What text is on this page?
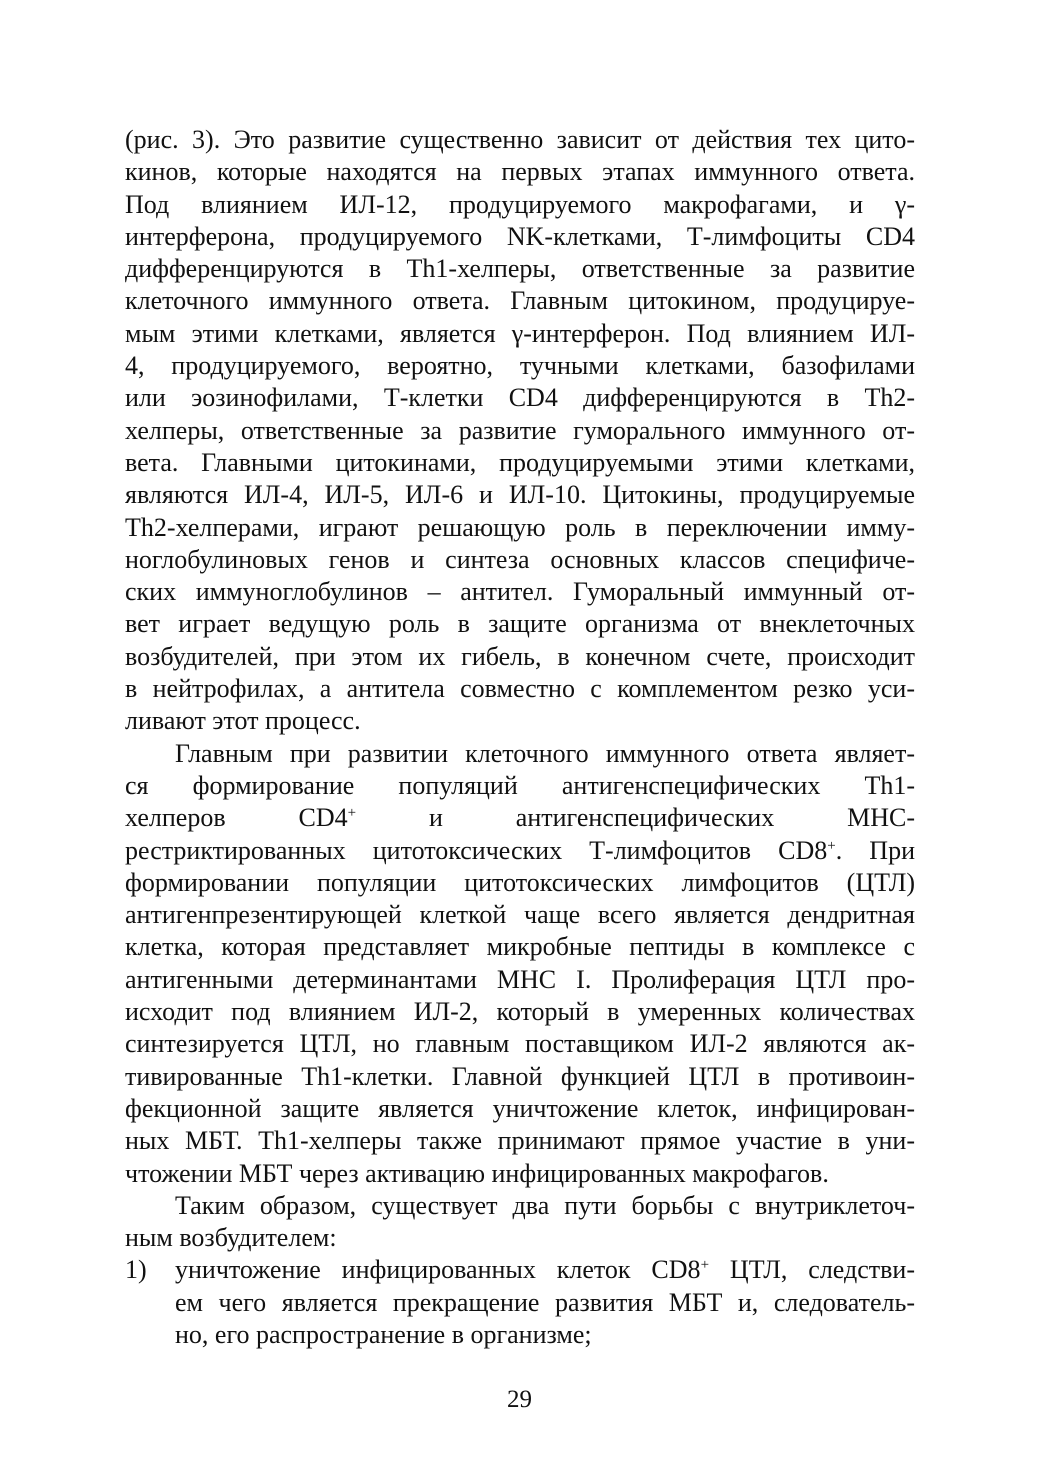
(рис. 3). Это развитие существенно зависит от действия тех цито-
кинов, которые находятся на первых этапах иммунного ответа.
Под влиянием ИЛ-12, продуцируемого макрофагами, и γ-
интерферона, продуцируемого NK-клетками, Т-лимфоциты CD4
дифференцируются в Th1-хелперы, ответственные за развитие
клеточного иммунного ответа. Главным цитокином, продуцируе-
мым этими клетками, является γ-интерферон. Под влиянием ИЛ-
4, продуцируемого, вероятно, тучными клетками, базофилами
или эозинофилами, Т-клетки CD4 дифференцируются в Th2-
хелперы, ответственные за развитие гуморального иммунного от-
вета. Главными цитокинами, продуцируемыми этими клетками,
являются ИЛ-4, ИЛ-5, ИЛ-6 и ИЛ-10. Цитокины, продуцируемые
Th2-хелперами, играют решающую роль в переключении имму-
ноглобулиновых генов и синтеза основных классов специфиче-
ских иммуноглобулинов – антител. Гуморальный иммунный от-
вет играет ведущую роль в защите организма от внеклеточных
возбудителей, при этом их гибель, в конечном счете, происходит
в нейтрофилах, а антитела совместно с комплементом резко уси-
ливают этот процесс.
Главным при развитии клеточного иммунного ответа являет-
ся формирование популяций антигенспецифических Th1-
хелперов CD4+	и	антигенспецифических MHC-
рестриктированных цитотоксических Т-лимфоцитов CD8+. При
формировании популяции цитотоксических лимфоцитов (ЦТЛ)
антигенпрезентирующей клеткой чаще всего является дендритная
клетка, которая представляет микробные пептиды в комплексе с
антигенными детерминантами MHC I. Пролиферация ЦТЛ про-
исходит под влиянием ИЛ-2, который в умеренных количествах
синтезируется ЦТЛ, но главным поставщиком ИЛ-2 являются ак-
тивированные Th1-клетки. Главной функцией ЦТЛ в противоин-
фекционной защите является уничтожение клеток, инфицирован-
ных МБТ. Th1-хелперы также принимают прямое участие в уни-
чтожении МБТ через активацию инфицированных макрофагов.
Таким образом, существует два пути борьбы с внутриклеточ-
ным возбудителем:
1)	уничтожение инфицированных клеток CD8+ ЦТЛ, следстви-
ем чего является прекращение развития МБТ и, следователь-
но, его распространение в организме;
29
